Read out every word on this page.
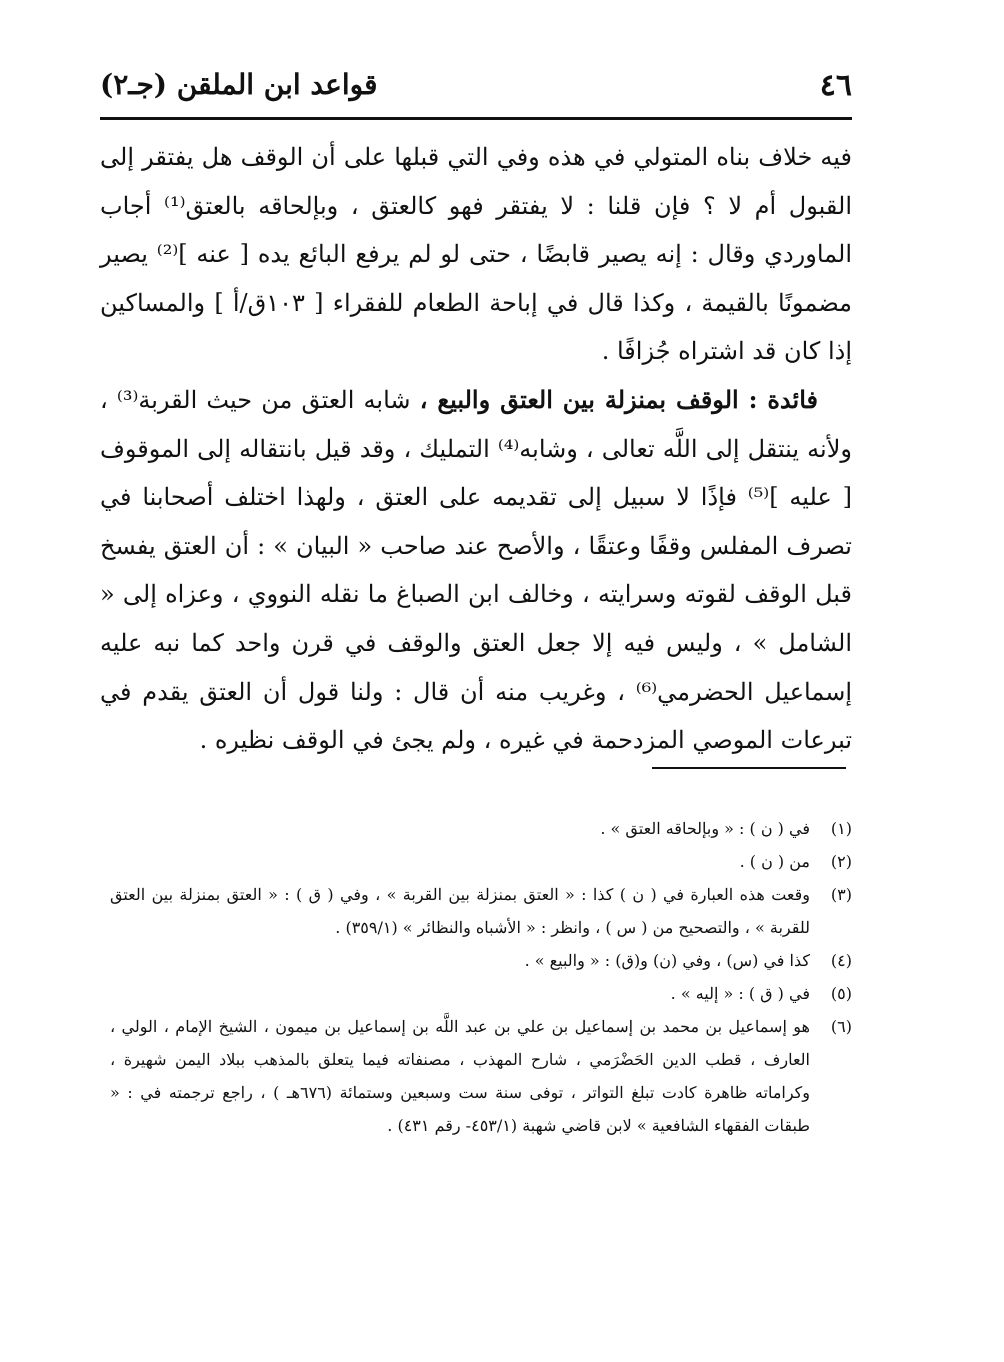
٤٦
قواعد ابن الملقن (جـ٢)

فيه خلاف بناه المتولي في هذه وفي التي قبلها على أن الوقف هل يفتقر إلى القبول أم لا ؟ فإن قلنا : لا يفتقر فهو كالعتق ، وبإلحاقه بالعتق⁽¹⁾ أجاب الماوردي وقال : إنه يصير قابضًا ، حتى لو لم يرفع البائع يده [ عنه ]⁽²⁾ يصير مضمونًا بالقيمة ، وكذا قال في إباحة الطعام للفقراء [ ١٠٣ق/أ ] والمساكين إذا كان قد اشتراه جُزافًا .

فائدة : الوقف بمنزلة بين العتق والبيع ، شابه العتق من حيث القربة⁽³⁾ ، ولأنه ينتقل إلى اللَّه تعالى ، وشابه⁽⁴⁾ التمليك ، وقد قيل بانتقاله إلى الموقوف [ عليه ]⁽⁵⁾ فإذًا لا سبيل إلى تقديمه على العتق ، ولهذا اختلف أصحابنا في تصرف المفلس وقفًا وعتقًا ، والأصح عند صاحب « البيان » : أن العتق يفسخ قبل الوقف لقوته وسرايته ، وخالف ابن الصباغ ما نقله النووي ، وعزاه إلى « الشامل » ، وليس فيه إلا جعل العتق والوقف في قرن واحد كما نبه عليه إسماعيل الحضرمي⁽⁶⁾ ، وغريب منه أن قال : ولنا قول أن العتق يقدم في تبرعات الموصي المزدحمة في غيره ، ولم يجئ في الوقف نظيره .

(١)
في ( ن ) : « وبإلحاقه العتق » .
(٢)
من ( ن ) .
(٣)
وقعت هذه العبارة في ( ن ) كذا : « العتق بمنزلة بين القربة » ، وفي ( ق ) : « العتق بمنزلة بين العتق للقربة » ، والتصحيح من ( س ) ، وانظر : « الأشباه والنظائر » (٣٥٩/١) .
(٤)
كذا في (س) ، وفي (ن) و(ق) : « والبيع » .
(٥)
في ( ق ) : « إليه » .
(٦)
هو إسماعيل بن محمد بن إسماعيل بن علي بن عبد اللَّه بن إسماعيل بن ميمون ، الشيخ الإمام ، الولي ، العارف ، قطب الدين الحَضْرَمي ، شارح المهذب ، مصنفاته فيما يتعلق بالمذهب ببلاد اليمن شهيرة ، وكراماته ظاهرة كادت تبلغ التواتر ، توفى سنة ست وسبعين وستمائة (٦٧٦هـ ) ، راجع ترجمته في : « طبقات الفقهاء الشافعية » لابن قاضي شهبة (٤٥٣/١- رقم ٤٣١) .
